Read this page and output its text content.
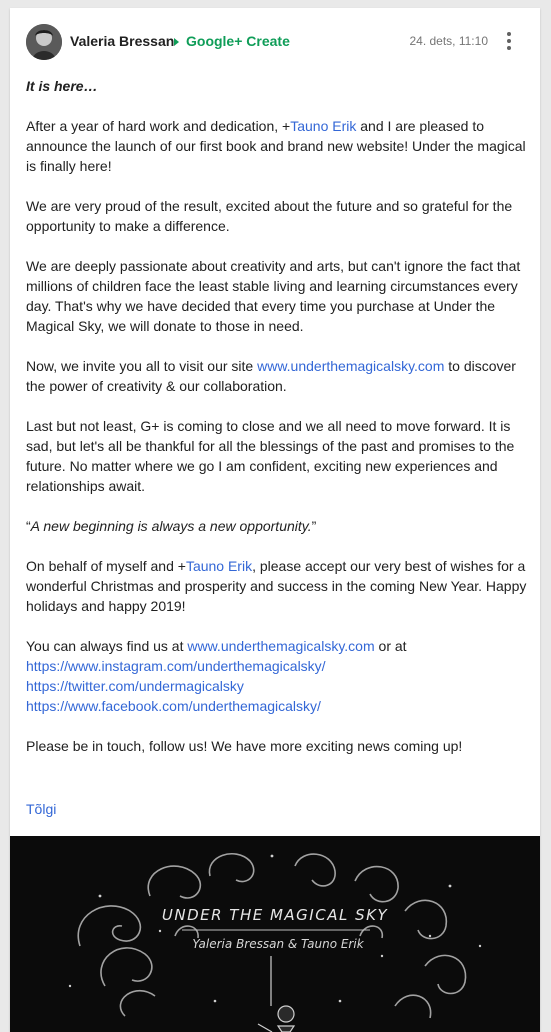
Valeria Bressan Google+ Create	24. dets, 11:10

It is here…

After a year of hard work and dedication, +Tauno Erik and I are pleased to announce the launch of our first book and brand new website! Under the magical is finally here!

We are very proud of the result, excited about the future and so grateful for the opportunity to make a difference.

We are deeply passionate about creativity and arts, but can't ignore the fact that millions of children face the least stable living and learning circumstances every day. That's why we have decided that every time you purchase at Under the Magical Sky, we will donate to those in need.

Now, we invite you all to visit our site www.underthemagicalsky.com to discover the power of creativity & our collaboration.

Last but not least, G+ is coming to close and we all need to move forward. It is sad, but let's all be thankful for all the blessings of the past and promises to the future. No matter where we go I am confident, exciting new experiences and relationships await.

“A new beginning is always a new opportunity.”

On behalf of myself and +Tauno Erik, please accept our very best of wishes for a wonderful Christmas and prosperity and success in the coming New Year. Happy holidays and happy 2019!

You can always find us at www.underthemagicalsky.com or at
https://www.instagram.com/underthemagicalsky/
https://twitter.com/undermagicalsky
https://www.facebook.com/underthemagicalsky/

Please be in touch, follow us! We have more exciting news coming up!

Tõlgi
UNDER THE MAGICAL SKY
Yaleria Bressan & Tauno Erik
